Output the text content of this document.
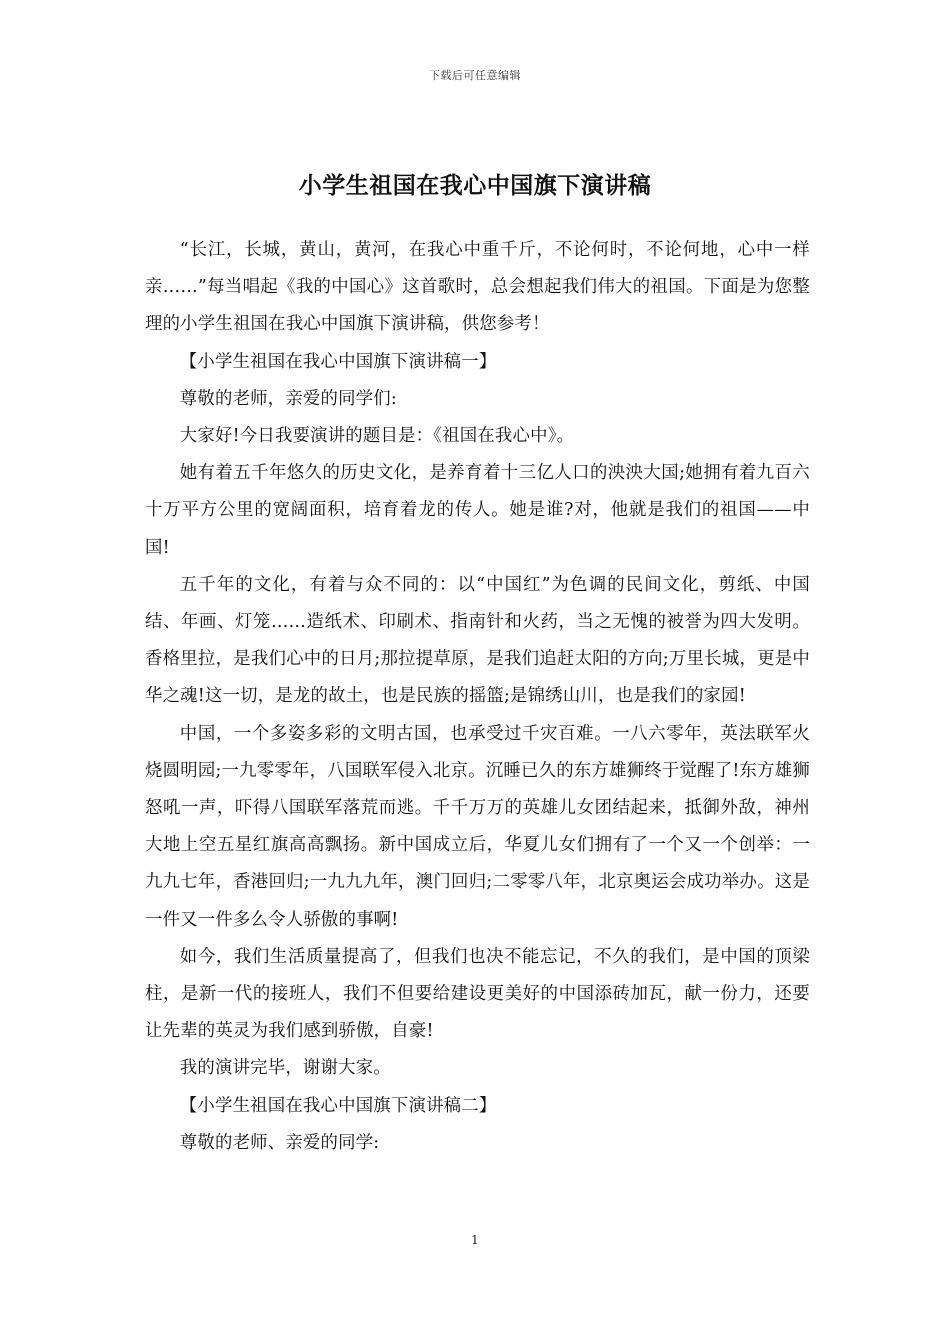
下载后可任意编辑
小学生祖国在我心中国旗下演讲稿

“长江，长城，黄山，黄河，在我心中重千斤，不论何时，不论何地，心中一样亲……”每当唱起《我的中国心》这首歌时，总会想起我们伟大的祖国。下面是为您整理的小学生祖国在我心中国旗下演讲稿，供您参考！

【小学生祖国在我心中国旗下演讲稿一】

尊敬的老师，亲爱的同学们:

大家好!今日我要演讲的题目是：《祖国在我心中》。

她有着五千年悠久的历史文化，是养育着十三亿人口的泱泱大国;她拥有着九百六十万平方公里的宽阔面积，培育着龙的传人。她是谁?对，他就是我们的祖国——中国!

五千年的文化，有着与众不同的：以“中国红”为色调的民间文化，剪纸、中国结、年画、灯笼……造纸术、印刷术、指南针和火药，当之无愧的被誉为四大发明。香格里拉，是我们心中的日月;那拉提草原，是我们追赶太阳的方向;万里长城，更是中华之魂!这一切，是龙的故土，也是民族的摇篮;是锦绣山川，也是我们的家园!

中国，一个多姿多彩的文明古国，也承受过千灾百难。一八六零年，英法联军火烧圆明园;一九零零年，八国联军侵入北京。沉睡已久的东方雄狮终于觉醒了!东方雄狮怒吼一声，吓得八国联军落荒而逃。千千万万的英雄儿女团结起来，抵御外敌，神州大地上空五星红旗高高飘扬。新中国成立后，华夏儿女们拥有了一个又一个创举：一九九七年，香港回归;一九九九年，澳门回归;二零零八年，北京奥运会成功举办。这是一件又一件多么令人骄傲的事啊!

如今，我们生活质量提高了，但我们也决不能忘记，不久的我们，是中国的顶梁柱，是新一代的接班人，我们不但要给建设更美好的中国添砖加瓦，献一份力，还要让先辈的英灵为我们感到骄傲，自豪!

我的演讲完毕，谢谢大家。

【小学生祖国在我心中国旗下演讲稿二】

尊敬的老师、亲爱的同学:

1
